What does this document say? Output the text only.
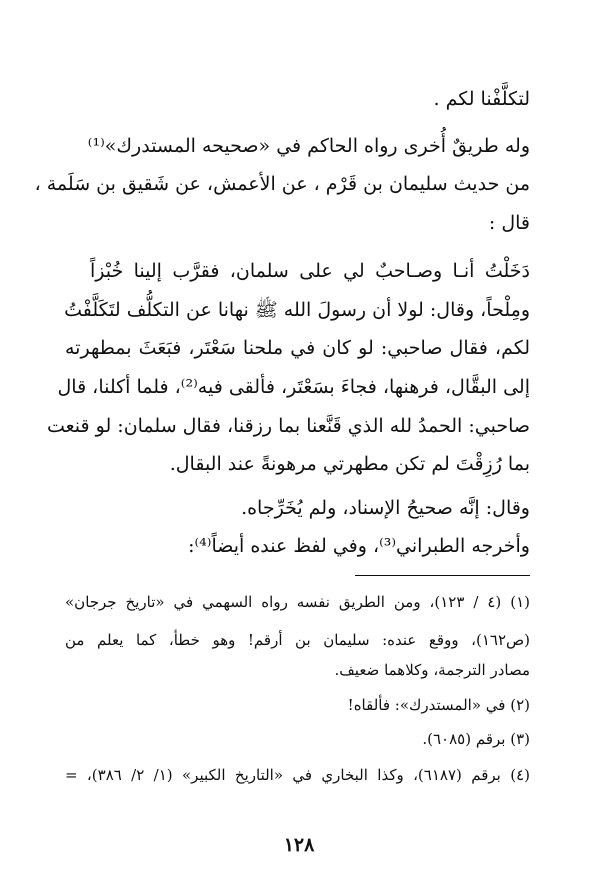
لتكلَّفْنا لكم .
وله طريقٌ أُخرى رواه الحاكم في «صحيحه المستدرك»⁽¹⁾
من حديث سليمان بن قَرْم ، عن الأعمش، عن شَقيق بن سَلَمة ،
قال :
دَخَلْتُ أنـا وصـاحبٌ لي على سلمان، فقرَّب إلينا خُبْزاً
ومِلْحاً، وقال: لولا أن رسولَ الله ﷺ نهانا عن التكلُّف لتَكَلَّفْتُ
لكم، فقال صاحبي: لو كان في ملحنا سَعْتَر، فبَعَثَ بمطهرته
إلى البقَّال، فرهنها، فجاءَ بسَعْتَر، فألقى فيه⁽²⁾، فلما أكلنا، قال
صاحبي: الحمدُ لله الذي قَنَّعنا بما رزقنا، فقال سلمان: لو قنعت
بما رُزِقْتَ لم تكن مطهرتي مرهونةً عند البقال.
وقال: إنَّه صحيحُ الإسناد، ولم يُخَرِّجاه.
وأخرجه الطبراني⁽³⁾، وفي لفظ عنده أيضاً⁽⁴⁾:
(١) (٤ / ١٢٣)، ومن الطريق نفسه رواه السهمي في «تاريخ جرجان»
(ص١٦٢)، ووقع عنده: سليمان بن أرقم! وهو خطأ، كما يعلم من
مصادر الترجمة، وكلاهما ضعيف.
(٢) في «المستدرك»: فألقاه!
(٣) برقم (٦٠٨٥).
(٤) برقم (٦١٨٧)، وكذا البخاري في «التاريخ الكبير» (١/ ٢/ ٣٨٦)، =
١٢٨
